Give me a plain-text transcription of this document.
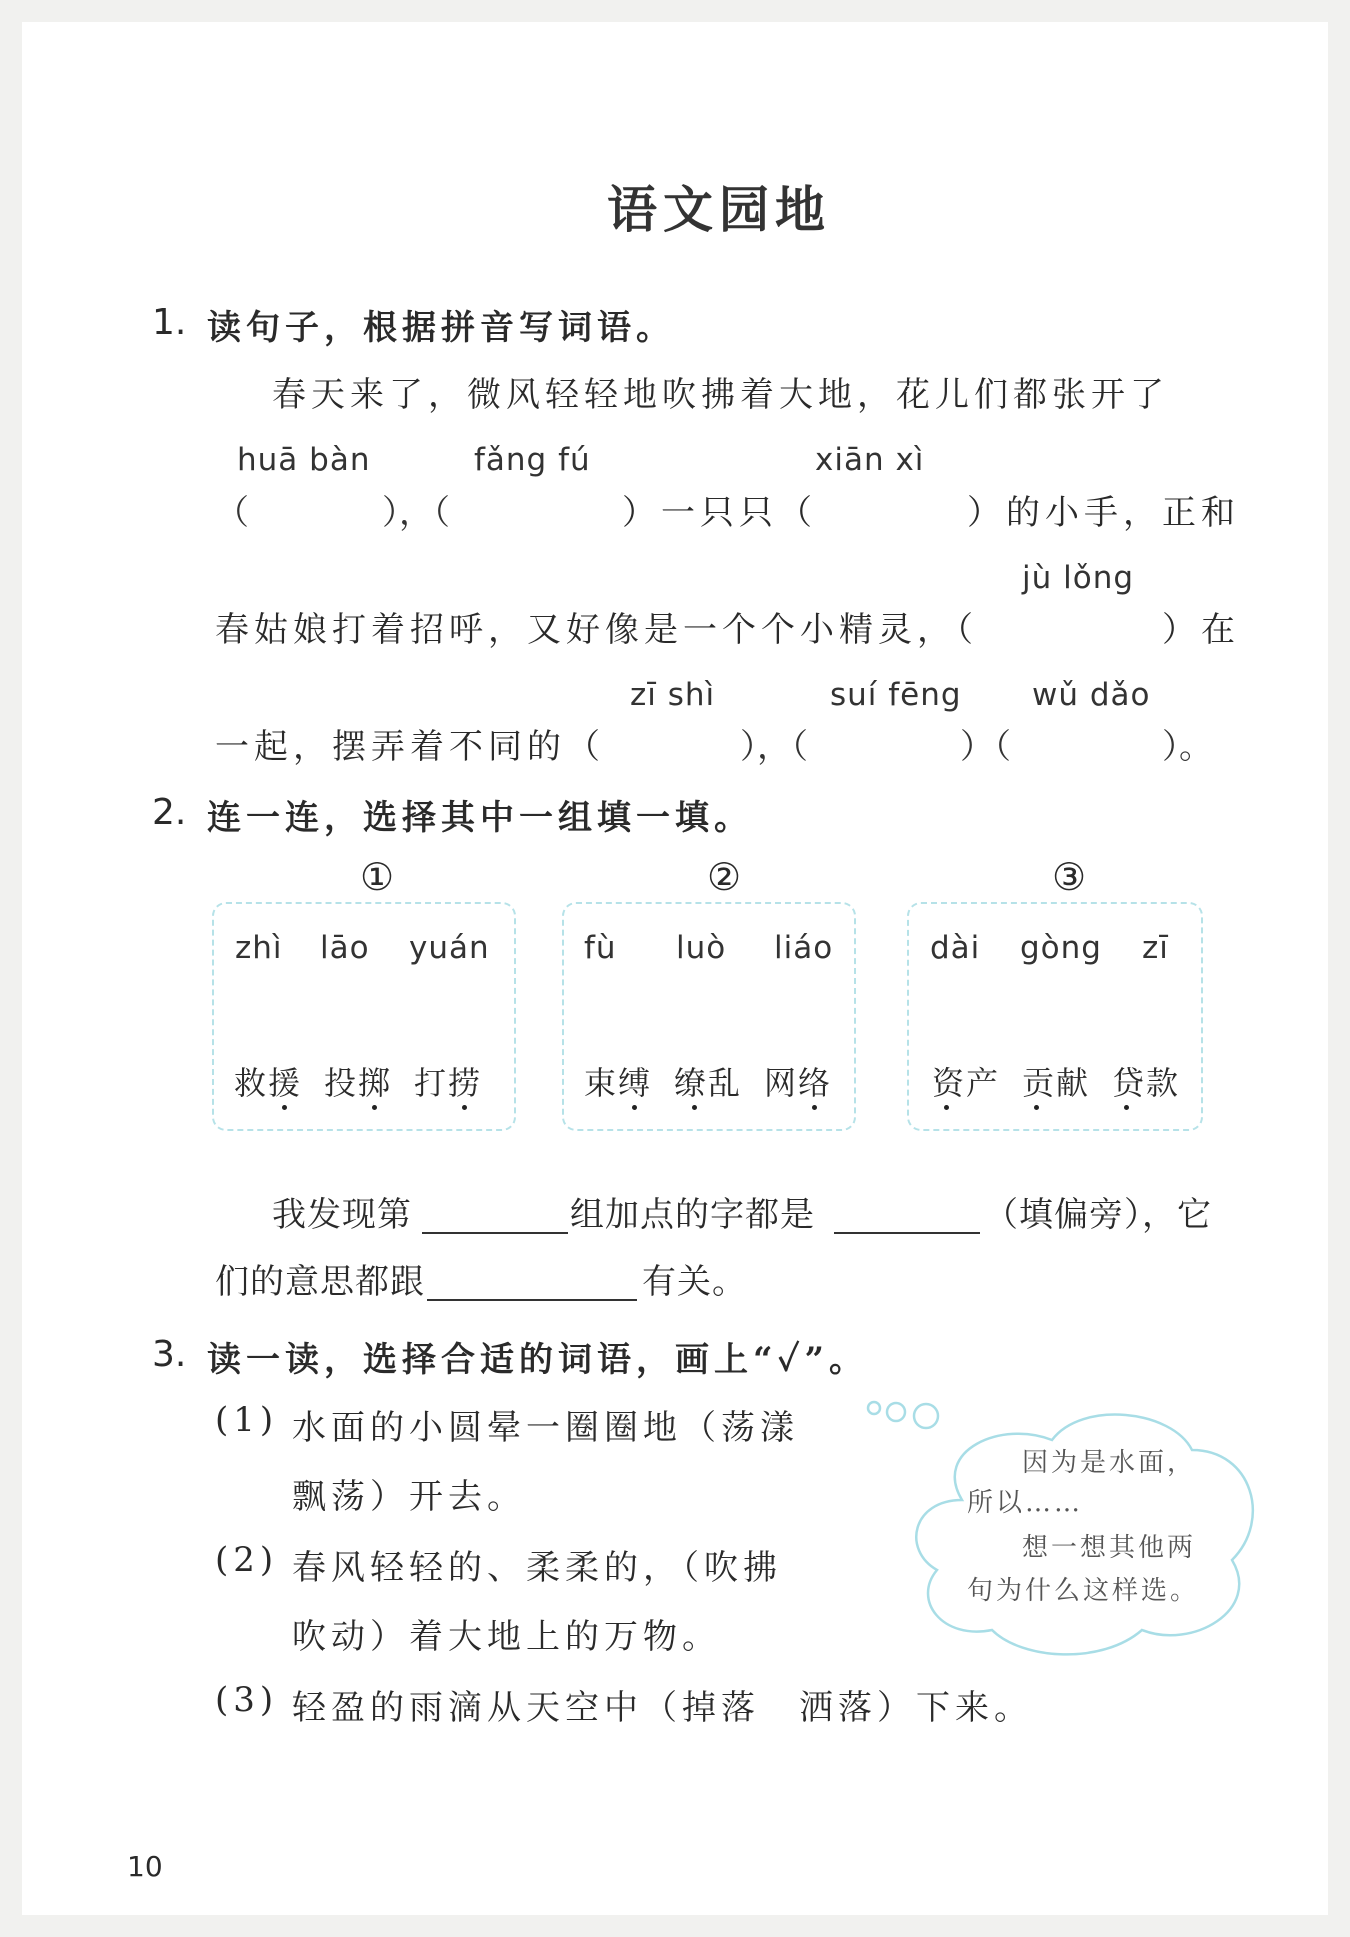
语文园地
1. 读句子，根据拼音写词语。
春天来了，微风轻轻地吹拂着大地，花儿们都张开了
huā bàn	fǎng fú	xiān xì
（	），（	）一只只（	）的小手，正和
jù lǒng
春姑娘打着招呼，又好像是一个个小精灵，（	）在
zī shì	suí fēng wǔ dǎo
一起，摆弄着不同的（	），（	）（	）。
2. 连一连，选择其中一组填一填。
①	②	③
zhì lāo yuán
救援 投掷 打捞
fù luò liáo
束缚 缭乱 网络
dài gòng zī
资产 贡献 贷款
我发现第	组加点的字都是	（填偏旁），它
们的意思都跟	有关。
3. 读一读，选择合适的词语，画上“✓”。
(1) 水面的小圆晕一圈圈地（荡漾
飘荡）开去。
(2) 春风轻轻的、柔柔的，（吹拂
吹动）着大地上的万物。
(3) 轻盈的雨滴从天空中（掉落　洒落）下来。
因为是水面，
所以……
想一想其他两
句为什么这样选。
10
